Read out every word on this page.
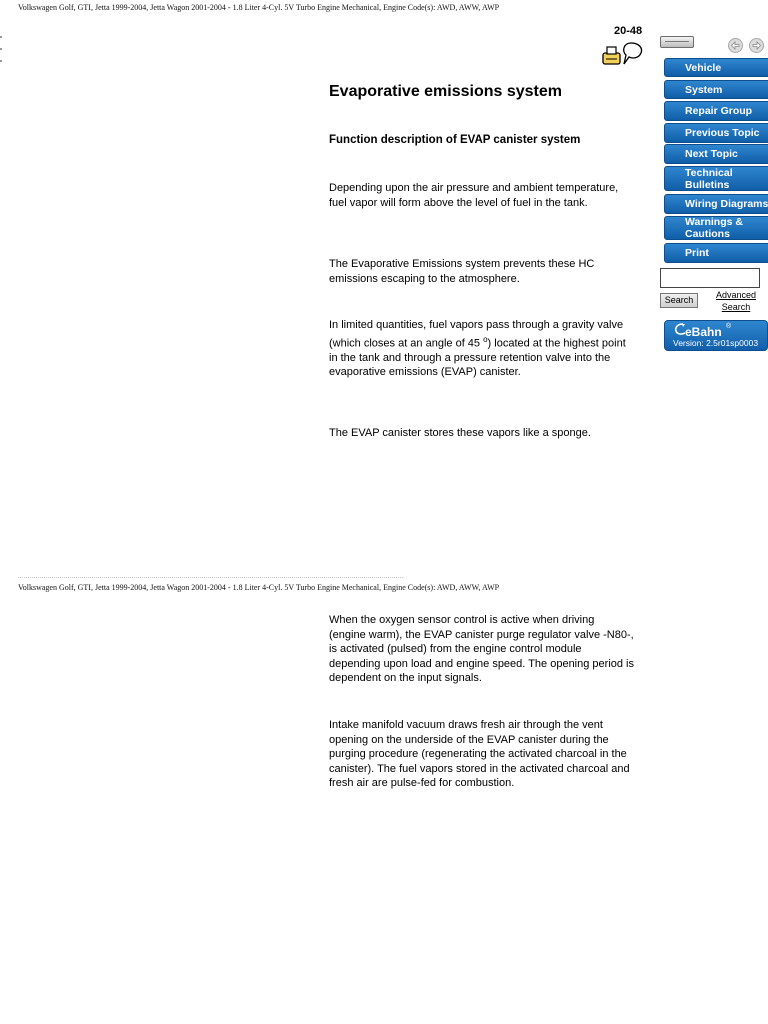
Volkswagen Golf, GTI, Jetta 1999-2004, Jetta Wagon 2001-2004 - 1.8 Liter 4-Cyl. 5V Turbo Engine Mechanical, Engine Code(s): AWD, AWW, AWP
Volkswagen Golf, GTI, Jetta 1999-2004, Jetta Wagon 2001-2004 - 1.8 Liter 4-Cyl. 5V Turbo Engine Mechanical, Engine Code(s): AWD, AWW, AWP
20-48
Evaporative emissions system
Function description of EVAP canister system

Depending upon the air pressure and ambient temperature, fuel vapor will form above the level of fuel in the tank.

The Evaporative Emissions system prevents these HC emissions escaping to the atmosphere.

In limited quantities, fuel vapors pass through a gravity valve (which closes at an angle of 45 $^o$) located at the highest point in the tank and through a pressure retention valve into the evaporative emissions (EVAP) canister.

The EVAP canister stores these vapors like a sponge.

When the oxygen sensor control is active when driving (engine warm), the EVAP canister purge regulator valve -N80-, is activated (pulsed) from the engine control module depending upon load and engine speed. The opening period is dependent on the input signals.

Intake manifold vacuum draws fresh air through the vent opening on the underside of the EVAP canister during the purging procedure (regenerating the activated charcoal in the canister). The fuel vapors stored in the activated charcoal and fresh air are pulse-fed for combustion.

Vehicle
System
Repair Group
Previous Topic
Next Topic
Technical
Bulletins
Wiring Diagrams
Warnings &
Cautions
Print
Search	Advanced Search
eBahn ®
Version: 2.5r01sp0003
